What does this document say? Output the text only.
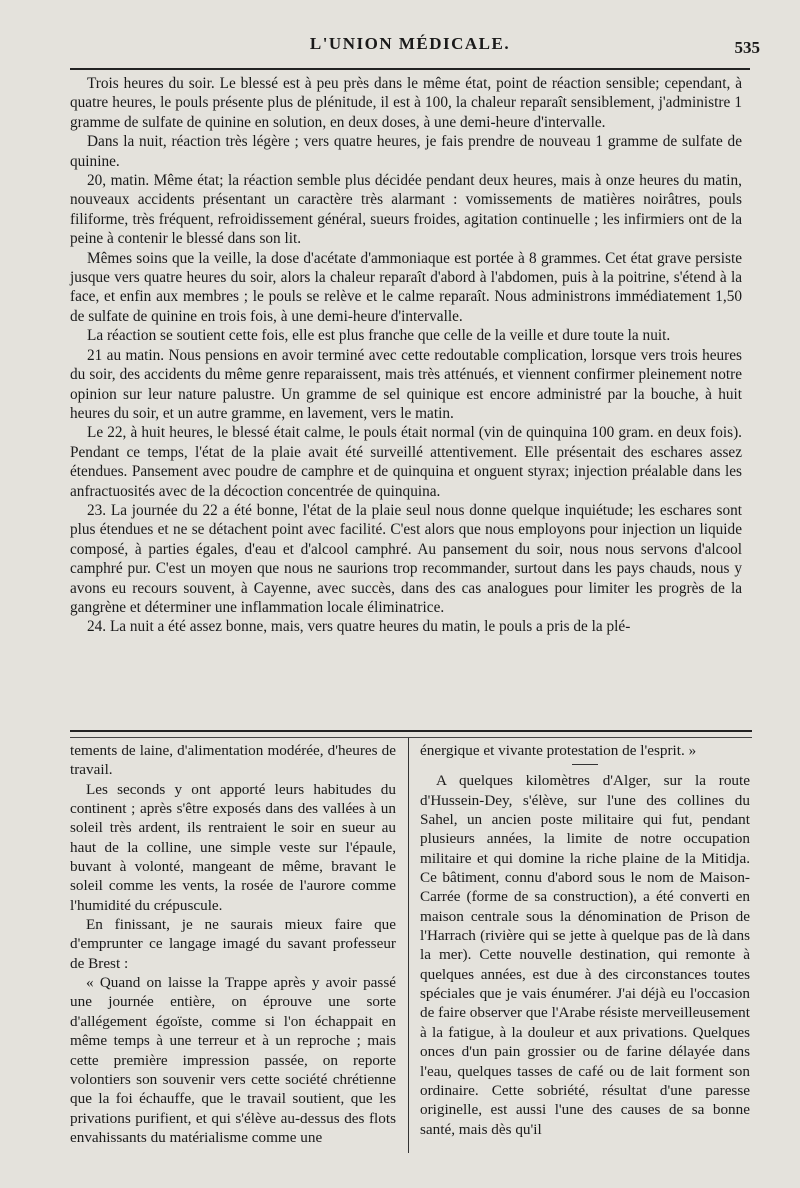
L'UNION MÉDICALE.	535

Trois heures du soir. Le blessé est à peu près dans le même état, point de réaction sensible; cependant, à quatre heures, le pouls présente plus de plénitude, il est à 100, la chaleur reparaît sensiblement, j'administre 1 gramme de sulfate de quinine en solution, en deux doses, à une demi-heure d'intervalle.

Dans la nuit, réaction très légère ; vers quatre heures, je fais prendre de nouveau 1 gramme de sulfate de quinine.

20, matin. Même état; la réaction semble plus décidée pendant deux heures, mais à onze heures du matin, nouveaux accidents présentant un caractère très alarmant : vomissements de matières noirâtres, pouls filiforme, très fréquent, refroidissement général, sueurs froides, agitation continuelle ; les infirmiers ont de la peine à contenir le blessé dans son lit.

Mêmes soins que la veille, la dose d'acétate d'ammoniaque est portée à 8 grammes. Cet état grave persiste jusque vers quatre heures du soir, alors la chaleur reparaît d'abord à l'abdomen, puis à la poitrine, s'étend à la face, et enfin aux membres ; le pouls se relève et le calme reparaît. Nous administrons immédiatement 1,50 de sulfate de quinine en trois fois, à une demi-heure d'intervalle.

La réaction se soutient cette fois, elle est plus franche que celle de la veille et dure toute la nuit.

21 au matin. Nous pensions en avoir terminé avec cette redoutable complication, lorsque vers trois heures du soir, des accidents du même genre reparaissent, mais très atténués, et viennent confirmer pleinement notre opinion sur leur nature palustre. Un gramme de sel quinique est encore administré par la bouche, à huit heures du soir, et un autre gramme, en lavement, vers le matin.

Le 22, à huit heures, le blessé était calme, le pouls était normal (vin de quinquina 100 gram. en deux fois). Pendant ce temps, l'état de la plaie avait été surveillé attentivement. Elle présentait des eschares assez étendues. Pansement avec poudre de camphre et de quinquina et onguent styrax; injection préalable dans les anfractuosités avec de la décoction concentrée de quinquina.

23. La journée du 22 a été bonne, l'état de la plaie seul nous donne quelque inquiétude; les eschares sont plus étendues et ne se détachent point avec facilité. C'est alors que nous employons pour injection un liquide composé, à parties égales, d'eau et d'alcool camphré. Au pansement du soir, nous nous servons d'alcool camphré pur. C'est un moyen que nous ne saurions trop recommander, surtout dans les pays chauds, nous y avons eu recours souvent, à Cayenne, avec succès, dans des cas analogues pour limiter les progrès de la gangrène et déterminer une inflammation locale éliminatrice.

24. La nuit a été assez bonne, mais, vers quatre heures du matin, le pouls a pris de la plé-

tements de laine, d'alimentation modérée, d'heures de travail.

Les seconds y ont apporté leurs habitudes du continent ; après s'être exposés dans des vallées à un soleil très ardent, ils rentraient le soir en sueur au haut de la colline, une simple veste sur l'épaule, buvant à volonté, mangeant de même, bravant le soleil comme les vents, la rosée de l'aurore comme l'humidité du crépuscule.

En finissant, je ne saurais mieux faire que d'emprunter ce langage imagé du savant professeur de Brest :

« Quand on laisse la Trappe après y avoir passé une journée entière, on éprouve une sorte d'allégement égoïste, comme si l'on échappait en même temps à une terreur et à un reproche ; mais cette première impression passée, on reporte volontiers son souvenir vers cette société chrétienne que la foi échauffe, que le travail soutient, que les privations purifient, et qui s'élève au-dessus des flots envahissants du matérialisme comme une

énergique et vivante protestation de l'esprit. »

A quelques kilomètres d'Alger, sur la route d'Hussein-Dey, s'élève, sur l'une des collines du Sahel, un ancien poste militaire qui fut, pendant plusieurs années, la limite de notre occupation militaire et qui domine la riche plaine de la Mitidja. Ce bâtiment, connu d'abord sous le nom de Maison-Carrée (forme de sa construction), a été converti en maison centrale sous la dénomination de Prison de l'Harrach (rivière qui se jette à quelque pas de là dans la mer). Cette nouvelle destination, qui remonte à quelques années, est due à des circonstances toutes spéciales que je vais énumérer. J'ai déjà eu l'occasion de faire observer que l'Arabe résiste merveilleusement à la fatigue, à la douleur et aux privations. Quelques onces d'un pain grossier ou de farine délayée dans l'eau, quelques tasses de café ou de lait forment son ordinaire. Cette sobriété, résultat d'une paresse originelle, est aussi l'une des causes de sa bonne santé, mais dès qu'il
